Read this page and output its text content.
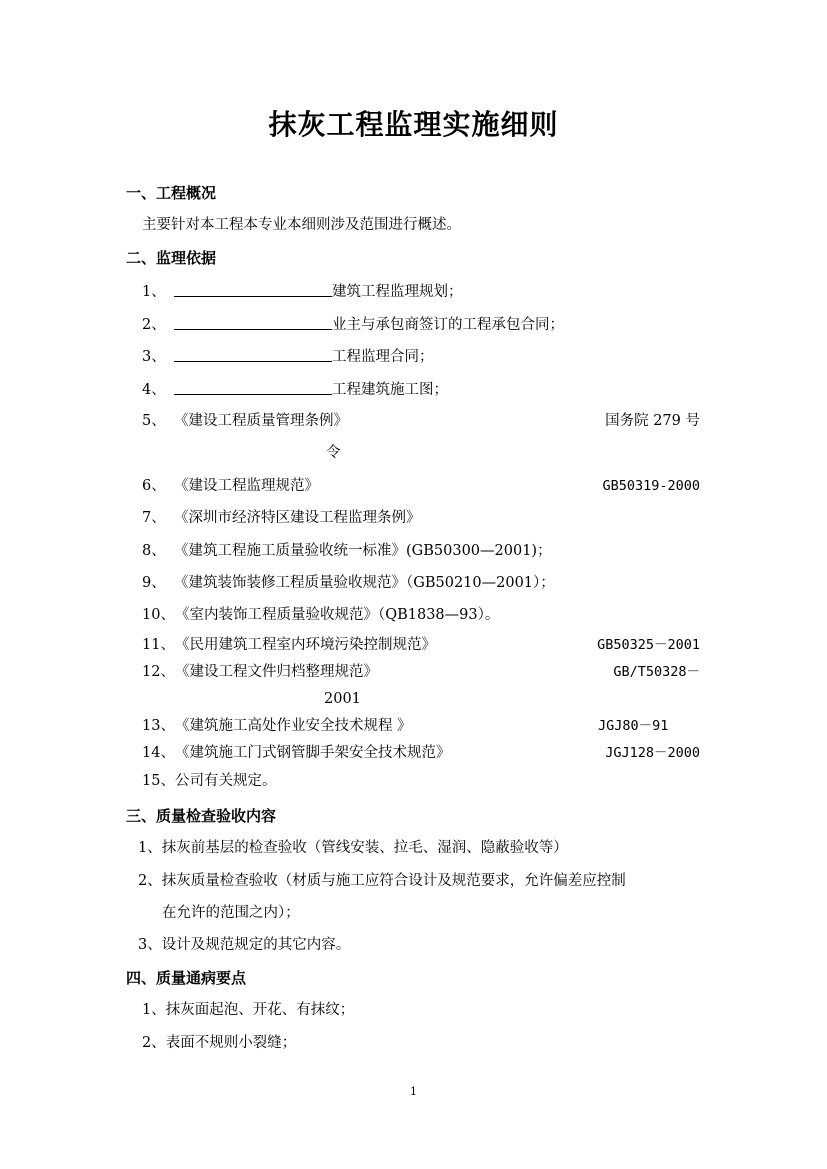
抹灰工程监理实施细则
一、工程概况
主要针对本工程本专业本细则涉及范围进行概述。
二、监理依据
1、	建筑工程监理规划；
2、	业主与承包商签订的工程承包合同；
3、	工程监理合同；
4、	工程建筑施工图；
5、 《建设工程质量管理条例》	国务院 279 号
令
6、 《建设工程监理规范》	GB50319-2000
7、 《深圳市经济特区建设工程监理条例》
8、 《建筑工程施工质量验收统一标准》(GB50300—2001)；
9、 《建筑装饰装修工程质量验收规范》（GB50210—2001）；
10、《室内装饰工程质量验收规范》（QB1838—93）。
11、《民用建筑工程室内环境污染控制规范》	GB50325－2001
12、《建设工程文件归档整理规范》	GB/T50328－
2001
13、《建筑施工高处作业安全技术规程 》	JGJ80－91
14、《建筑施工门式钢管脚手架安全技术规范》	JGJ128－2000
15、公司有关规定。
三、质量检查验收内容
1、抹灰前基层的检查验收（管线安装、拉毛、湿润、隐蔽验收等）
2、抹灰质量检查验收（材质与施工应符合设计及规范要求，允许偏差应控制
在允许的范围之内）；
3、设计及规范规定的其它内容。
四、质量通病要点
1、抹灰面起泡、开花、有抹纹；
2、表面不规则小裂缝；
1
